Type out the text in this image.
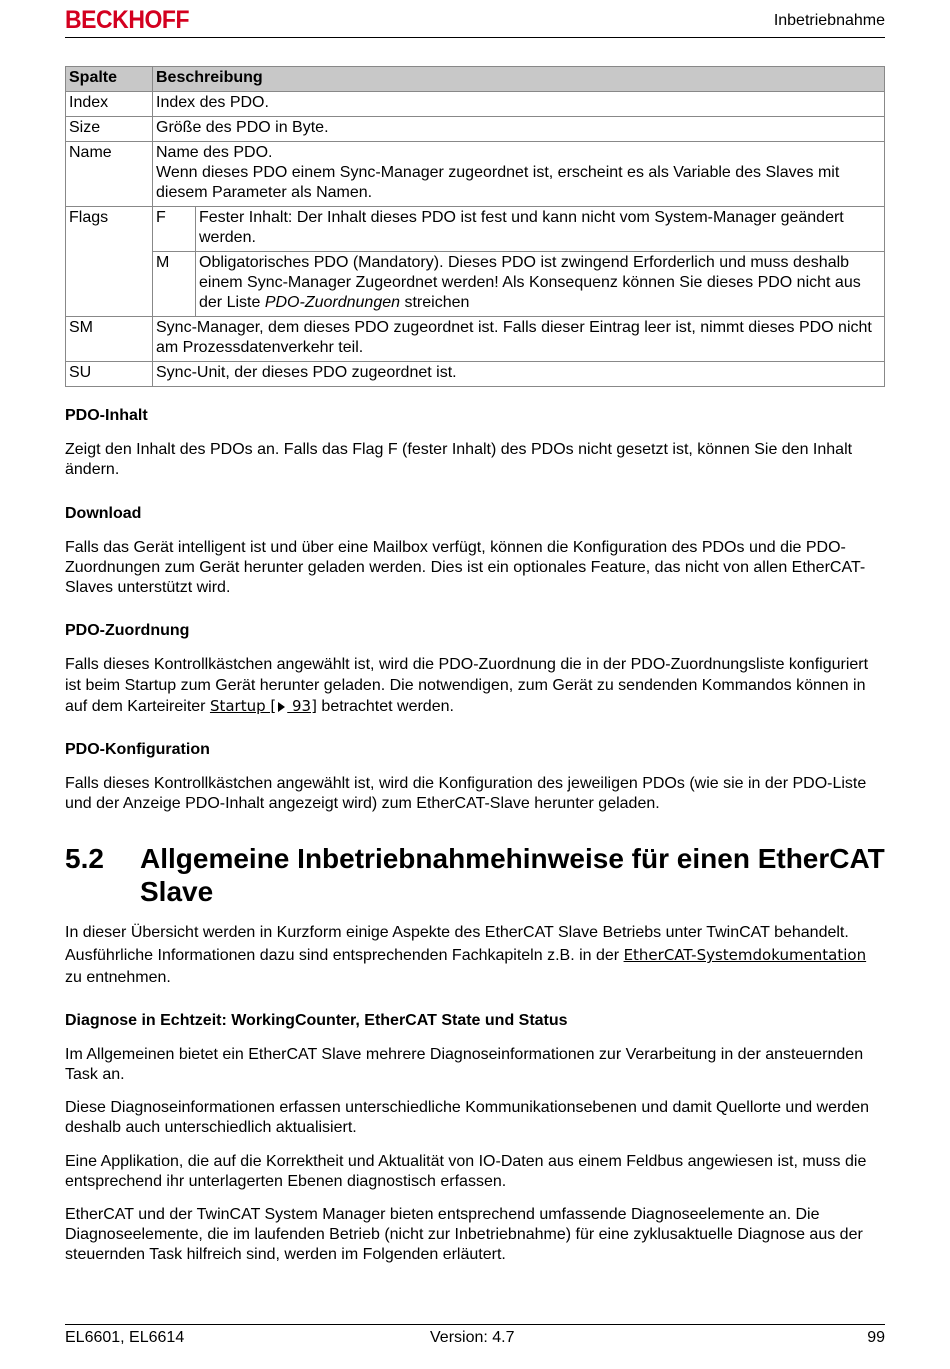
BECKHOFF	Inbetriebnahme
Spalte	Beschreibung
Index	Index des PDO.
Size	Größe des PDO in Byte.
Name	Name des PDO.
Wenn dieses PDO einem Sync-Manager zugeordnet ist, erscheint es als Variable des Slaves mit diesem Parameter als Namen.

Flags		F	Fester Inhalt: Der Inhalt dieses PDO ist fest und kann nicht vom System-Manager geändert werden.
M	Obligatorisches PDO (Mandatory). Dieses PDO ist zwingend Erforderlich und muss deshalb einem Sync-Manager Zugeordnet werden! Als Konsequenz können Sie dieses PDO nicht aus der Liste PDO-Zuordnungen streichen

SM	Sync-Manager, dem dieses PDO zugeordnet ist. Falls dieser Eintrag leer ist, nimmt dieses PDO nicht am Prozessdatenverkehr teil.
SU	Sync-Unit, der dieses PDO zugeordnet ist.
PDO-Inhalt
Zeigt den Inhalt des PDOs an. Falls das Flag F (fester Inhalt) des PDOs nicht gesetzt ist, können Sie den Inhalt ändern.
Download
Falls das Gerät intelligent ist und über eine Mailbox verfügt, können die Konfiguration des PDOs und die PDO-Zuordnungen zum Gerät herunter geladen werden. Dies ist ein optionales Feature, das nicht von allen EtherCAT-Slaves unterstützt wird.
PDO-Zuordnung
Falls dieses Kontrollkästchen angewählt ist, wird die PDO-Zuordnung die in der PDO-Zuordnungsliste konfiguriert ist beim Startup zum Gerät herunter geladen. Die notwendigen, zum Gerät zu sendenden Kommandos können in auf dem Karteireiter Startup [ 93] betrachtet werden.
PDO-Konfiguration
Falls dieses Kontrollkästchen angewählt ist, wird die Konfiguration des jeweiligen PDOs (wie sie in der PDO-Liste und der Anzeige PDO-Inhalt angezeigt wird) zum EtherCAT-Slave herunter geladen.
5.2 Allgemeine Inbetriebnahmehinweise für einen EtherCAT Slave
In dieser Übersicht werden in Kurzform einige Aspekte des EtherCAT Slave Betriebs unter TwinCAT behandelt. Ausführliche Informationen dazu sind entsprechenden Fachkapiteln z.B. in der EtherCAT-Systemdokumentation zu entnehmen.
Diagnose in Echtzeit: WorkingCounter, EtherCAT State und Status
Im Allgemeinen bietet ein EtherCAT Slave mehrere Diagnoseinformationen zur Verarbeitung in der ansteuernden Task an.
Diese Diagnoseinformationen erfassen unterschiedliche Kommunikationsebenen und damit Quellorte und werden deshalb auch unterschiedlich aktualisiert.
Eine Applikation, die auf die Korrektheit und Aktualität von IO-Daten aus einem Feldbus angewiesen ist, muss die entsprechend ihr unterlagerten Ebenen diagnostisch erfassen.
EtherCAT und der TwinCAT System Manager bieten entsprechend umfassende Diagnoseelemente an. Die Diagnoseelemente, die im laufenden Betrieb (nicht zur Inbetriebnahme) für eine zyklusaktuelle Diagnose aus der steuernden Task hilfreich sind, werden im Folgenden erläutert.
EL6601, EL6614	Version: 4.7	99
